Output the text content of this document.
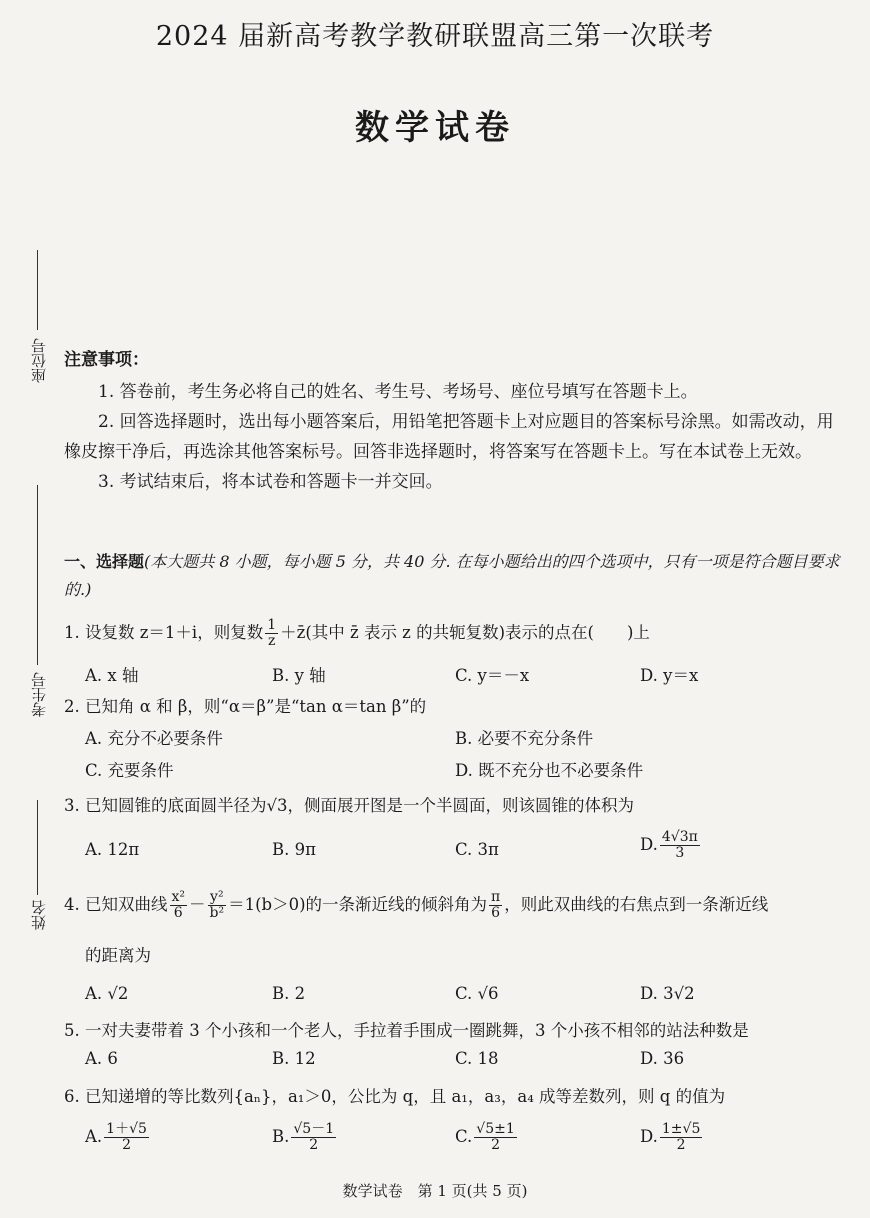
2024 届新高考教学教研联盟高三第一次联考
数学试卷
座位号
考生号
姓名
注意事项：

1. 答卷前，考生务必将自己的姓名、考生号、考场号、座位号填写在答题卡上。

2. 回答选择题时，选出每小题答案后，用铅笔把答题卡上对应题目的答案标号涂黑。如需改动，用橡皮擦干净后，再选涂其他答案标号。回答非选择题时，将答案写在答题卡上。写在本试卷上无效。

3. 考试结束后，将本试卷和答题卡一并交回。

一、选择题(本大题共 8 小题，每小题 5 分，共 40 分. 在每小题给出的四个选项中，只有一项是符合题目要求的.)
1. 设复数 z＝1＋i，则复数 $\frac{1}{z}$ ＋z̄(其中 z̄ 表示 z 的共轭复数)表示的点在(　　)上
A. x 轴	B. y 轴	C. y＝－x	D. y＝x
2. 已知角 α 和 β，则“α＝β”是“tan α＝tan β”的
A. 充分不必要条件	B. 必要不充分条件
C. 充要条件	D. 既不充分也不必要条件
3. 已知圆锥的底面圆半径为√3，侧面展开图是一个半圆面，则该圆锥的体积为
A. 12π	B. 9π	C. 3π	D. $\frac{4√3\pi}{3}$
4. 已知双曲线 $\frac{\text{x²}}{6} - \frac{\text{y²}}{\text{b²}} =1(b>0)$的一条渐近线的倾斜角为 $\frac{\pi}{6}$ ，则此双曲线的右焦点到一条渐近线
的距离为
A. √2	B. 2	C. √6	D. 3√2
5. 一对夫妻带着 3 个小孩和一个老人，手拉着手围成一圈跳舞，3 个小孩不相邻的站法种数是
A. 6	B. 12	C. 18	D. 36
6. 已知递增的等比数列{aₙ}，a₁＞0，公比为 q，且 a₁，a₃，a₄ 成等差数列，则 q 的值为
A. $\frac{1+√5}{2}$	B. $\frac{√5-1}{2}$	C. $\frac{√5\pm 1}{2}$	D. $\frac{1\pm√5}{2}$
数学试卷　第 1 页(共 5 页)
